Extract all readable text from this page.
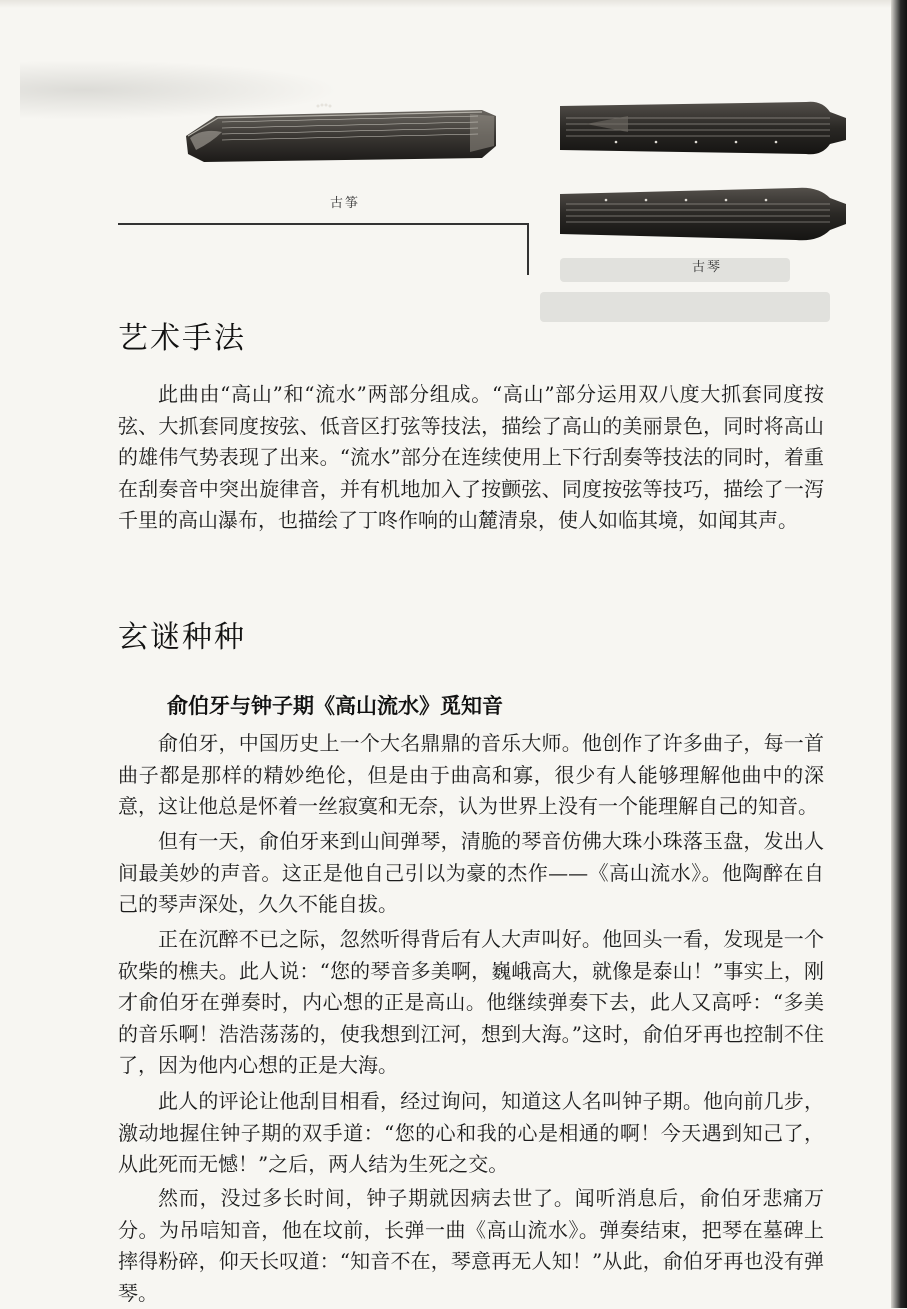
古筝
古琴
艺术手法

此曲由“高山”和“流水”两部分组成。“高山”部分运用双八度大抓套同度按弦、大抓套同度按弦、低音区打弦等技法，描绘了高山的美丽景色，同时将高山的雄伟气势表现了出来。“流水”部分在连续使用上下行刮奏等技法的同时，着重在刮奏音中突出旋律音，并有机地加入了按颤弦、同度按弦等技巧，描绘了一泻千里的高山瀑布，也描绘了丁咚作响的山麓清泉，使人如临其境，如闻其声。

玄谜种种
俞伯牙与钟子期《高山流水》觅知音

俞伯牙，中国历史上一个大名鼎鼎的音乐大师。他创作了许多曲子，每一首曲子都是那样的精妙绝伦，但是由于曲高和寡，很少有人能够理解他曲中的深意，这让他总是怀着一丝寂寞和无奈，认为世界上没有一个能理解自己的知音。

但有一天，俞伯牙来到山间弹琴，清脆的琴音仿佛大珠小珠落玉盘，发出人间最美妙的声音。这正是他自己引以为豪的杰作——《高山流水》。他陶醉在自己的琴声深处，久久不能自拔。

正在沉醉不已之际，忽然听得背后有人大声叫好。他回头一看，发现是一个砍柴的樵夫。此人说：“您的琴音多美啊，巍峨高大，就像是泰山！”事实上，刚才俞伯牙在弹奏时，内心想的正是高山。他继续弹奏下去，此人又高呼：“多美的音乐啊！浩浩荡荡的，使我想到江河，想到大海。”这时，俞伯牙再也控制不住了，因为他内心想的正是大海。

此人的评论让他刮目相看，经过询问，知道这人名叫钟子期。他向前几步，激动地握住钟子期的双手道：“您的心和我的心是相通的啊！今天遇到知己了，从此死而无憾！”之后，两人结为生死之交。

然而，没过多长时间，钟子期就因病去世了。闻听消息后，俞伯牙悲痛万分。为吊唁知音，他在坟前，长弹一曲《高山流水》。弹奏结束，把琴在墓碑上摔得粉碎，仰天长叹道：“知音不在，琴意再无人知！”从此，俞伯牙再也没有弹琴。
